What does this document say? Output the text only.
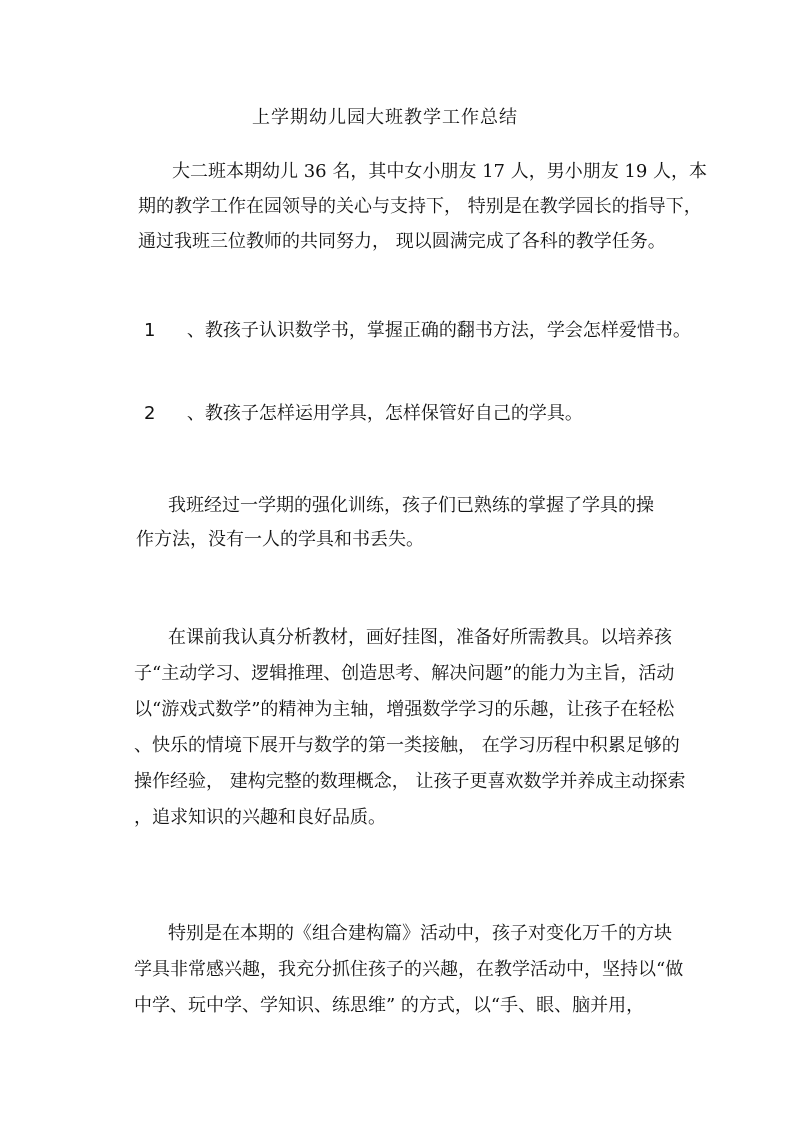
上学期幼儿园大班教学工作总结
大二班本期幼儿 36 名，其中女小朋友 17 人，男小朋友 19 人，本
期的教学工作在园领导的关心与支持下， 特别是在教学园长的指导下，
通过我班三位教师的共同努力， 现以圆满完成了各科的教学任务。
1 、教孩子认识数学书，掌握正确的翻书方法，学会怎样爱惜书。
2 、教孩子怎样运用学具，怎样保管好自己的学具。
我班经过一学期的强化训练，孩子们已熟练的掌握了学具的操
作方法，没有一人的学具和书丢失。
在课前我认真分析教材，画好挂图，准备好所需教具。以培养孩
子“主动学习、逻辑推理、创造思考、解决问题”的能力为主旨，活动
以“游戏式数学”的精神为主轴，增强数学学习的乐趣，让孩子在轻松
、快乐的情境下展开与数学的第一类接触， 在学习历程中积累足够的
操作经验， 建构完整的数理概念， 让孩子更喜欢数学并养成主动探索
，追求知识的兴趣和良好品质。
特别是在本期的《组合建构篇》活动中，孩子对变化万千的方块
学具非常感兴趣，我充分抓住孩子的兴趣，在教学活动中，坚持以“做
中学、玩中学、学知识、练思维” 的方式，以“手、眼、脑并用，
